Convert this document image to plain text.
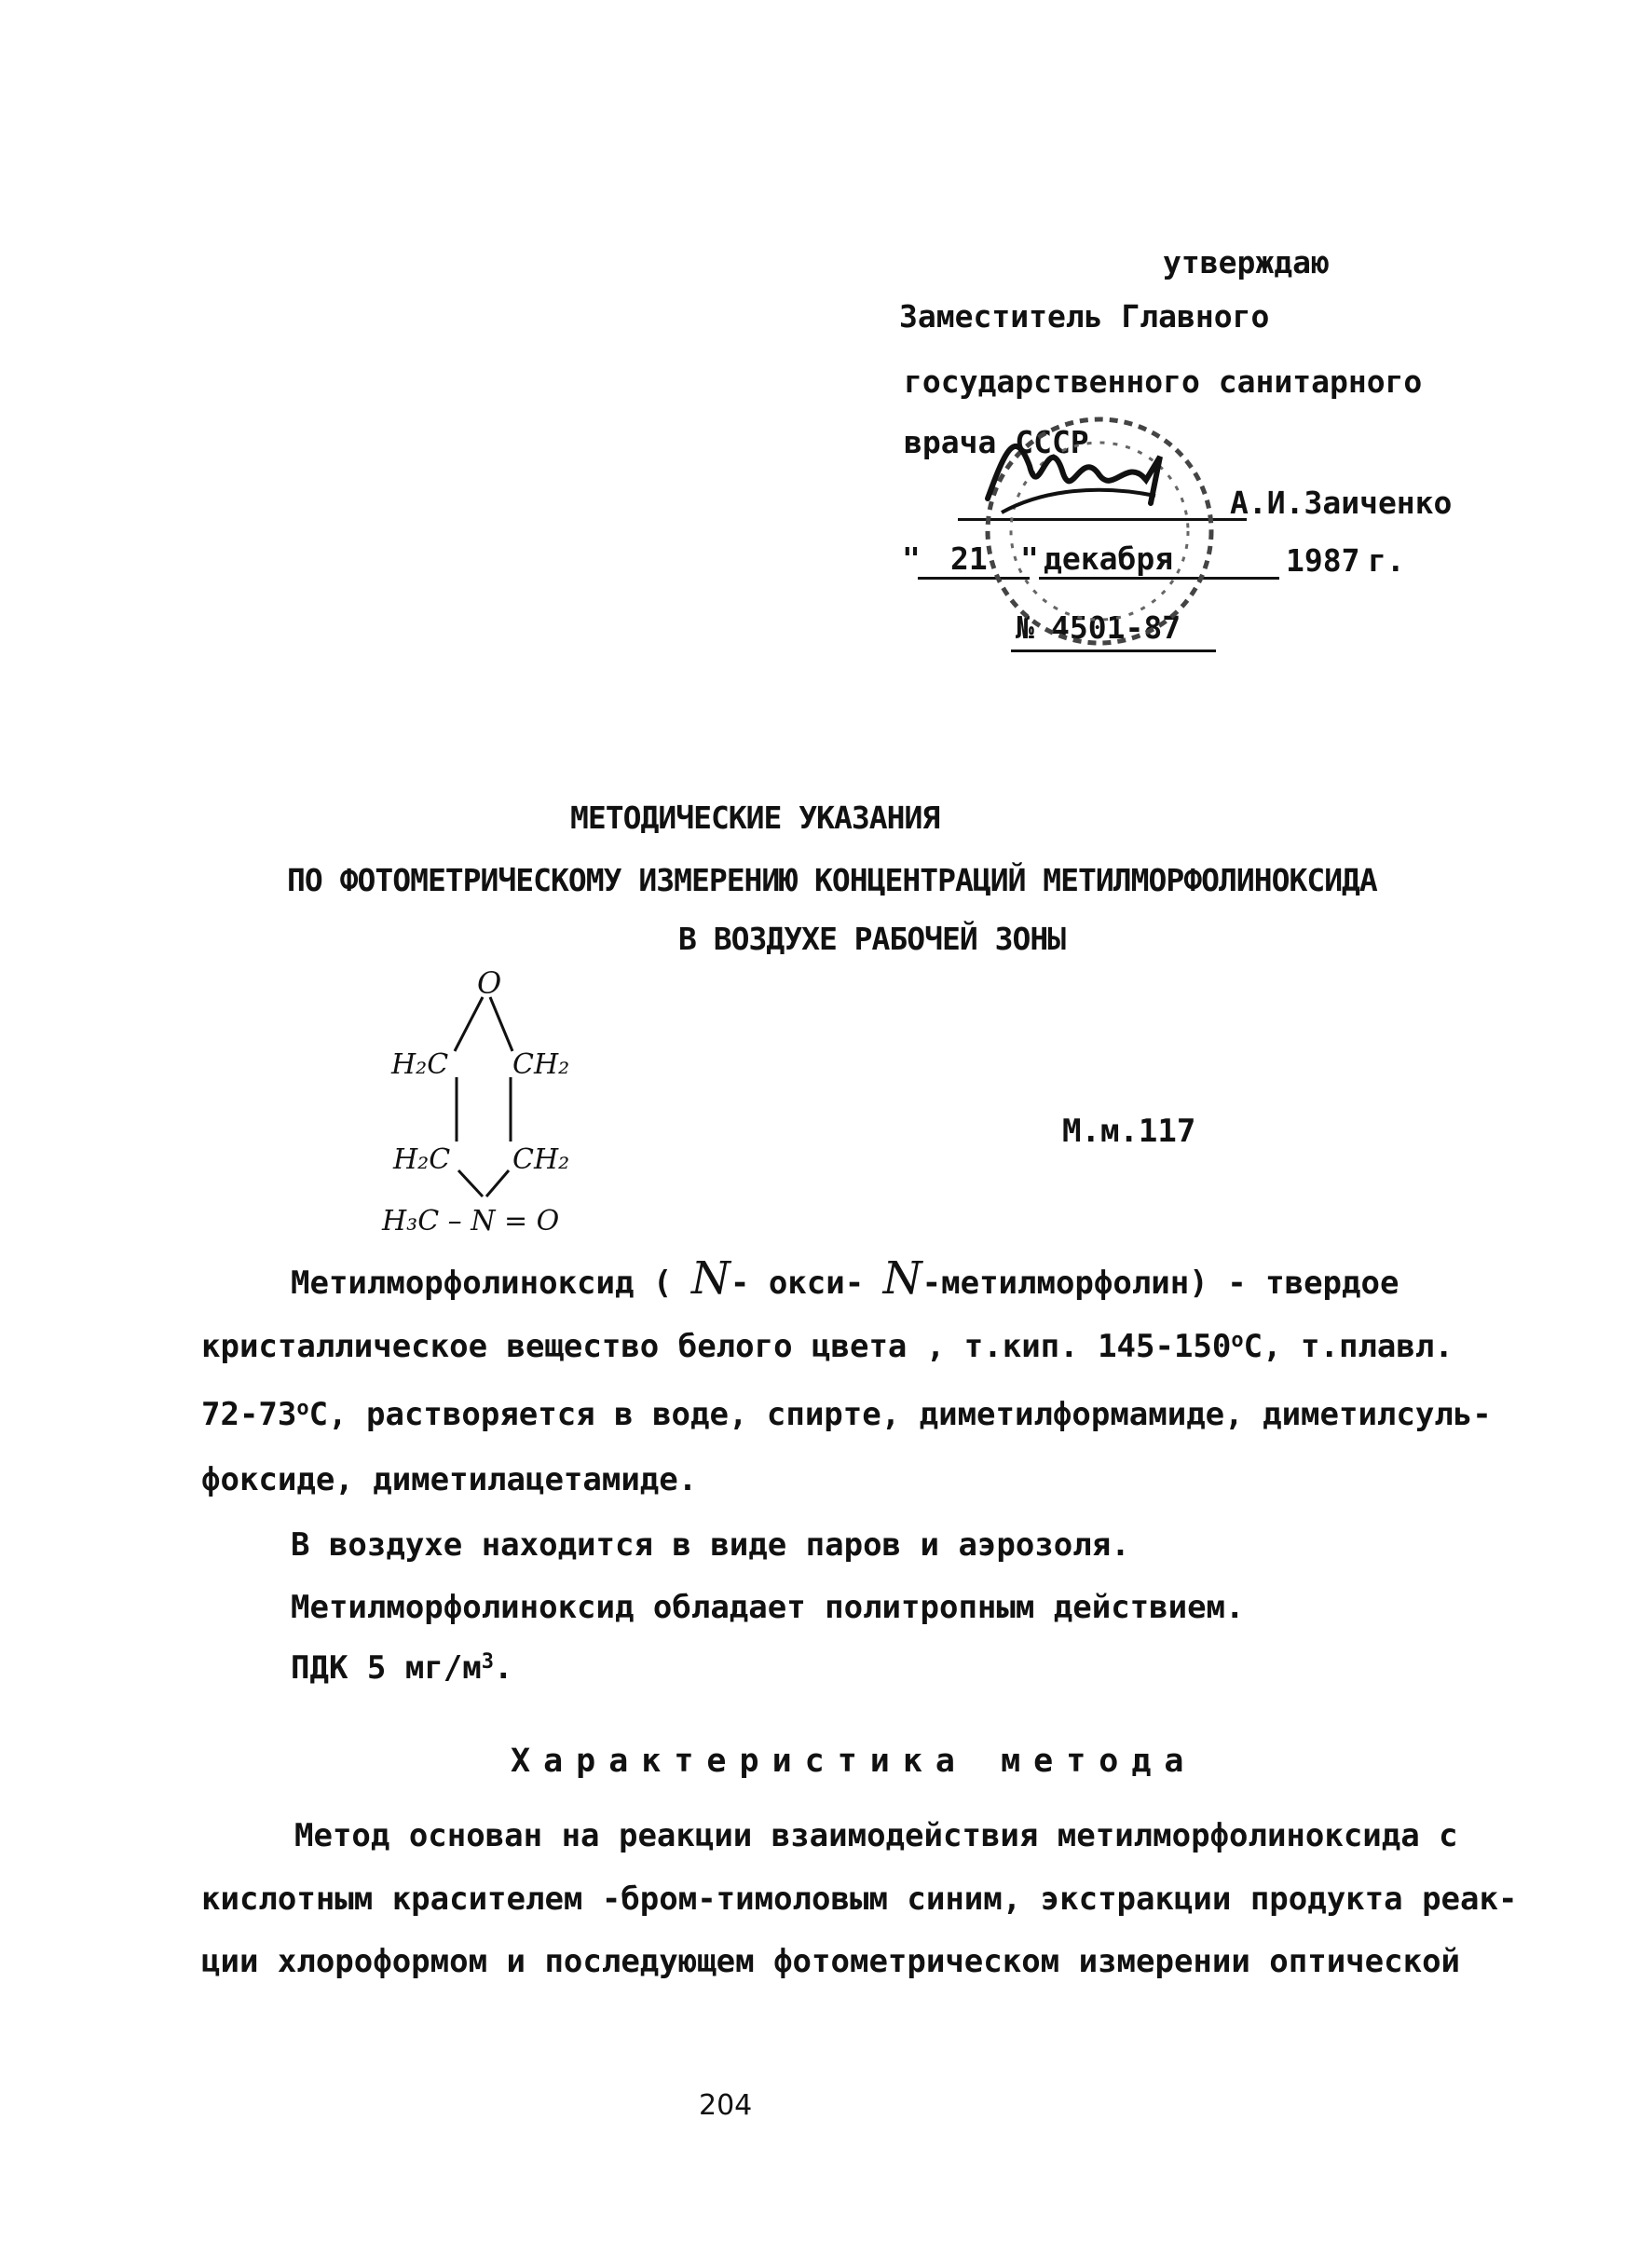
утверждаю
Заместитель Главного
государственного санитарного
врача СССР
А.И.Заиченко
" 21 " декабря	1987 г.
№ 4501-87
МЕТОДИЧЕСКИЕ УКАЗАНИЯ
ПО ФОТОМЕТРИЧЕСКОМУ ИЗМЕРЕНИЮ КОНЦЕНТРАЦИЙ МЕТИЛМОРФОЛИНОКСИДА
В ВОЗДУХЕ РАБОЧЕЙ ЗОНЫ
O
H₂C CH₂
H₂C CH₂
H₃C – N = O
М.м.117
Метилморфолиноксид ( N- окси- N-метилморфолин) - твердое
кристаллическое вещество белого цвета , т.кип. $145-150^оС$, т.плавл.
$72-73^оС$, растворяется в воде, спирте, диметилформамиде, диметилсуль-
фоксиде, диметилацетамиде.
В воздухе находится в виде паров и аэрозоля.
Метилморфолиноксид обладает политропным действием.
ПДК 5 $мг/м^3$.
Характеристика метода
Метод основан на реакции взаимодействия метилморфолиноксида с
кислотным красителем -бром-тимоловым синим, экстракции продукта реак-
ции хлороформом и последующем фотометрическом измерении оптической
204
